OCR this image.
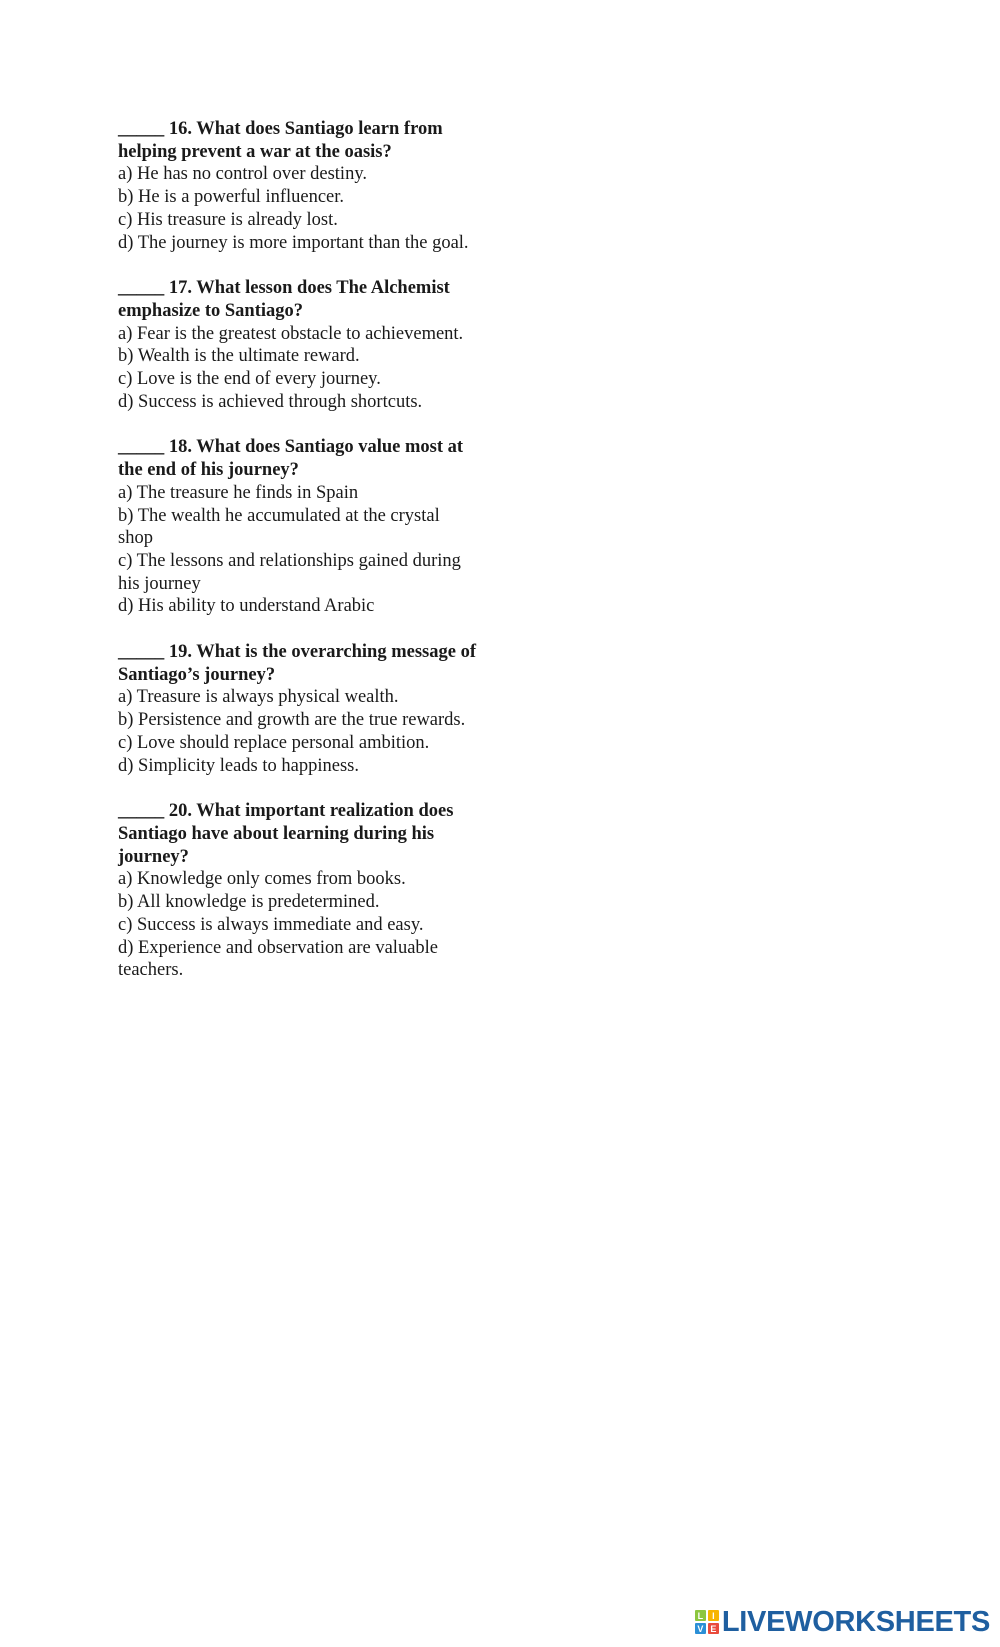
_____ 16. What does Santiago learn from helping prevent a war at the oasis?

a) He has no control over destiny.
b) He is a powerful influencer.
c) His treasure is already lost.
d) The journey is more important than the goal.

_____ 17. What lesson does The Alchemist emphasize to Santiago?

a) Fear is the greatest obstacle to achievement.
b) Wealth is the ultimate reward.
c) Love is the end of every journey.
d) Success is achieved through shortcuts.

_____ 18. What does Santiago value most at the end of his journey?

a) The treasure he finds in Spain
b) The wealth he accumulated at the crystal shop
c) The lessons and relationships gained during his journey
d) His ability to understand Arabic

_____ 19. What is the overarching message of Santiago’s journey?

a) Treasure is always physical wealth.
b) Persistence and growth are the true rewards.
c) Love should replace personal ambition.
d) Simplicity leads to happiness.

_____ 20. What important realization does Santiago have about learning during his journey?

a) Knowledge only comes from books.
b) All knowledge is predetermined.
c) Success is always immediate and easy.
d) Experience and observation are valuable teachers.
L I
V E LIVEWORKSHEETS
